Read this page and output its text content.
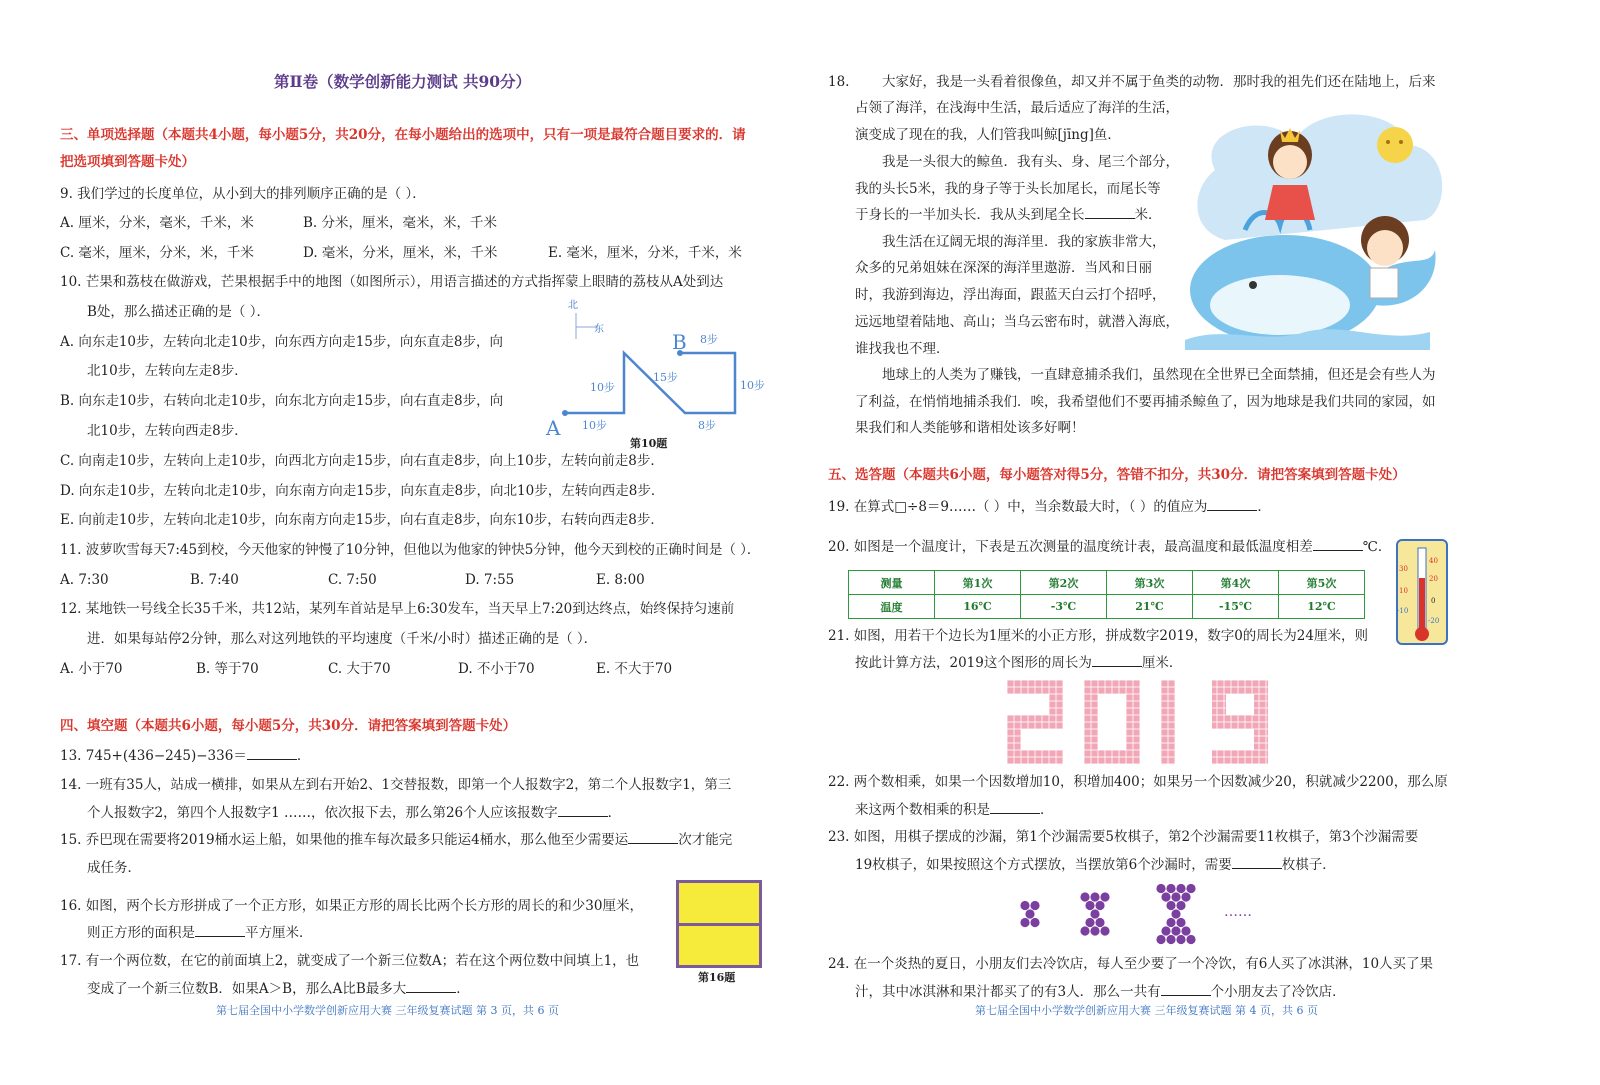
第Ⅱ卷（数学创新能力测试 共90分）
三、单项选择题（本题共4小题，每小题5分，共20分，在每小题给出的选项中，只有一项是最符合题目要求的．请
把选项填到答题卡处）
9. 我们学过的长度单位，从小到大的排列顺序正确的是（ ）．
A. 厘米，分米，毫米，千米，米	B. 分米，厘米，毫米，米，千米
C. 毫米，厘米，分米，米，千米	D. 毫米，分米，厘米，米，千米	E. 毫米，厘米，分米，千米，米
10. 芒果和荔枝在做游戏，芒果根据手中的地图（如图所示），用语言描述的方式指挥蒙上眼睛的荔枝从A处到达
B处，那么描述正确的是（ ）．
A. 向东走10步，左转向北走10步，向东西方向走15步，向东直走8步，向
北10步，左转向左走8步．
B. 向东走10步，右转向北走10步，向东北方向走15步，向右直走8步，向
北10步，左转向西走8步．
C. 向南走10步，左转向上走10步，向西北方向走15步，向右直走8步，向上10步，左转向前走8步．
D. 向东走10步，左转向北走10步，向东南方向走15步，向东直走8步，向北10步，左转向西走8步．
E. 向前走10步，左转向北走10步，向东南方向走15步，向右直走8步，向东10步，右转向西走8步．
北
东
A
B
10步
10步
15步
8步
8步
10步
第10题
11. 波萝吹雪每天7:45到校，今天他家的钟慢了10分钟，但他以为他家的钟快5分钟，他今天到校的正确时间是（ ）．
A. 7:30	B. 7:40	C. 7:50	D. 7:55	E. 8:00
12. 某地铁一号线全长35千米，共12站，某列车首站是早上6:30发车，当天早上7:20到达终点，始终保持匀速前
进．如果每站停2分钟，那么对这列地铁的平均速度（千米/小时）描述正确的是（ ）．
A. 小于70	B. 等于70	C. 大于70	D. 不小于70	E. 不大于70
四、填空题（本题共6小题，每小题5分，共30分．请把答案填到答题卡处）
13. 745+(436−245)−336＝	．
14. 一班有35人，站成一横排，如果从左到右开始2、1交替报数，即第一个人报数字2，第二个人报数字1，第三
个人报数字2，第四个人报数字1 ……，依次报下去，那么第26个人应该报数字	．
15. 乔巴现在需要将2019桶水运上船，如果他的推车每次最多只能运4桶水，那么他至少需要运	次才能完
成任务．
16. 如图，两个长方形拼成了一个正方形，如果正方形的周长比两个长方形的周长的和少30厘米，
则正方形的面积是	平方厘米．
第16题
17. 有一个两位数，在它的前面填上2，就变成了一个新三位数A；若在这个两位数中间填上1，也
变成了一个新三位数B．如果A＞B，那么A比B最多大	．
第七届全国中小学数学创新应用大赛 三年级复赛试题 第 3 页，共 6 页
18. 大家好，我是一头看着很像鱼，却又并不属于鱼类的动物．那时我的祖先们还在陆地上，后来
占领了海洋，在浅海中生活，最后适应了海洋的生活，
演变成了现在的我，人们管我叫鲸[jīng]鱼．
我是一头很大的鲸鱼．我有头、身、尾三个部分，
我的头长5米，我的身子等于头长加尾长，而尾长等
于身长的一半加头长．我从头到尾全长	米．
我生活在辽阔无垠的海洋里．我的家族非常大，
众多的兄弟姐妹在深深的海洋里遨游．当风和日丽
时，我游到海边，浮出海面，跟蓝天白云打个招呼，
远远地望着陆地、高山；当乌云密布时，就潜入海底，
谁找我也不理．
地球上的人类为了赚钱，一直肆意捕杀我们，虽然现在全世界已全面禁捕，但还是会有些人为
了利益，在悄悄地捕杀我们．唉，我希望他们不要再捕杀鲸鱼了，因为地球是我们共同的家园，如
果我们和人类能够和谐相处该多好啊！
五、选答题（本题共6小题，每小题答对得5分，答错不扣分，共30分．请把答案填到答题卡处）
19. 在算式□÷8＝9……（ ）中，当余数最大时，（ ）的值应为	．
20. 如图是一个温度计，下表是五次测量的温度统计表，最高温度和最低温度相差	℃．
测量	第1次	第2次	第3次	第4次	第5次
温度	16℃	-3℃	21℃	-15℃	12℃
40
30
20
10
0
-10
-20
21. 如图，用若干个边长为1厘米的小正方形，拼成数字2019，数字0的周长为24厘米，则
按此计算方法，2019这个图形的周长为	厘米．
22. 两个数相乘，如果一个因数增加10，积增加400；如果另一个因数减少20，积就减少2200，那么原
来这两个数相乘的积是	．
23. 如图，用棋子摆成的沙漏，第1个沙漏需要5枚棋子，第2个沙漏需要11枚棋子，第3个沙漏需要
19枚棋子，如果按照这个方式摆放，当摆放第6个沙漏时，需要	枚棋子．
……
24. 在一个炎热的夏日，小朋友们去冷饮店，每人至少要了一个冷饮，有6人买了冰淇淋，10人买了果
汁，其中冰淇淋和果汁都买了的有3人．那么一共有	个小朋友去了冷饮店．
第七届全国中小学数学创新应用大赛 三年级复赛试题 第 4 页，共 6 页
